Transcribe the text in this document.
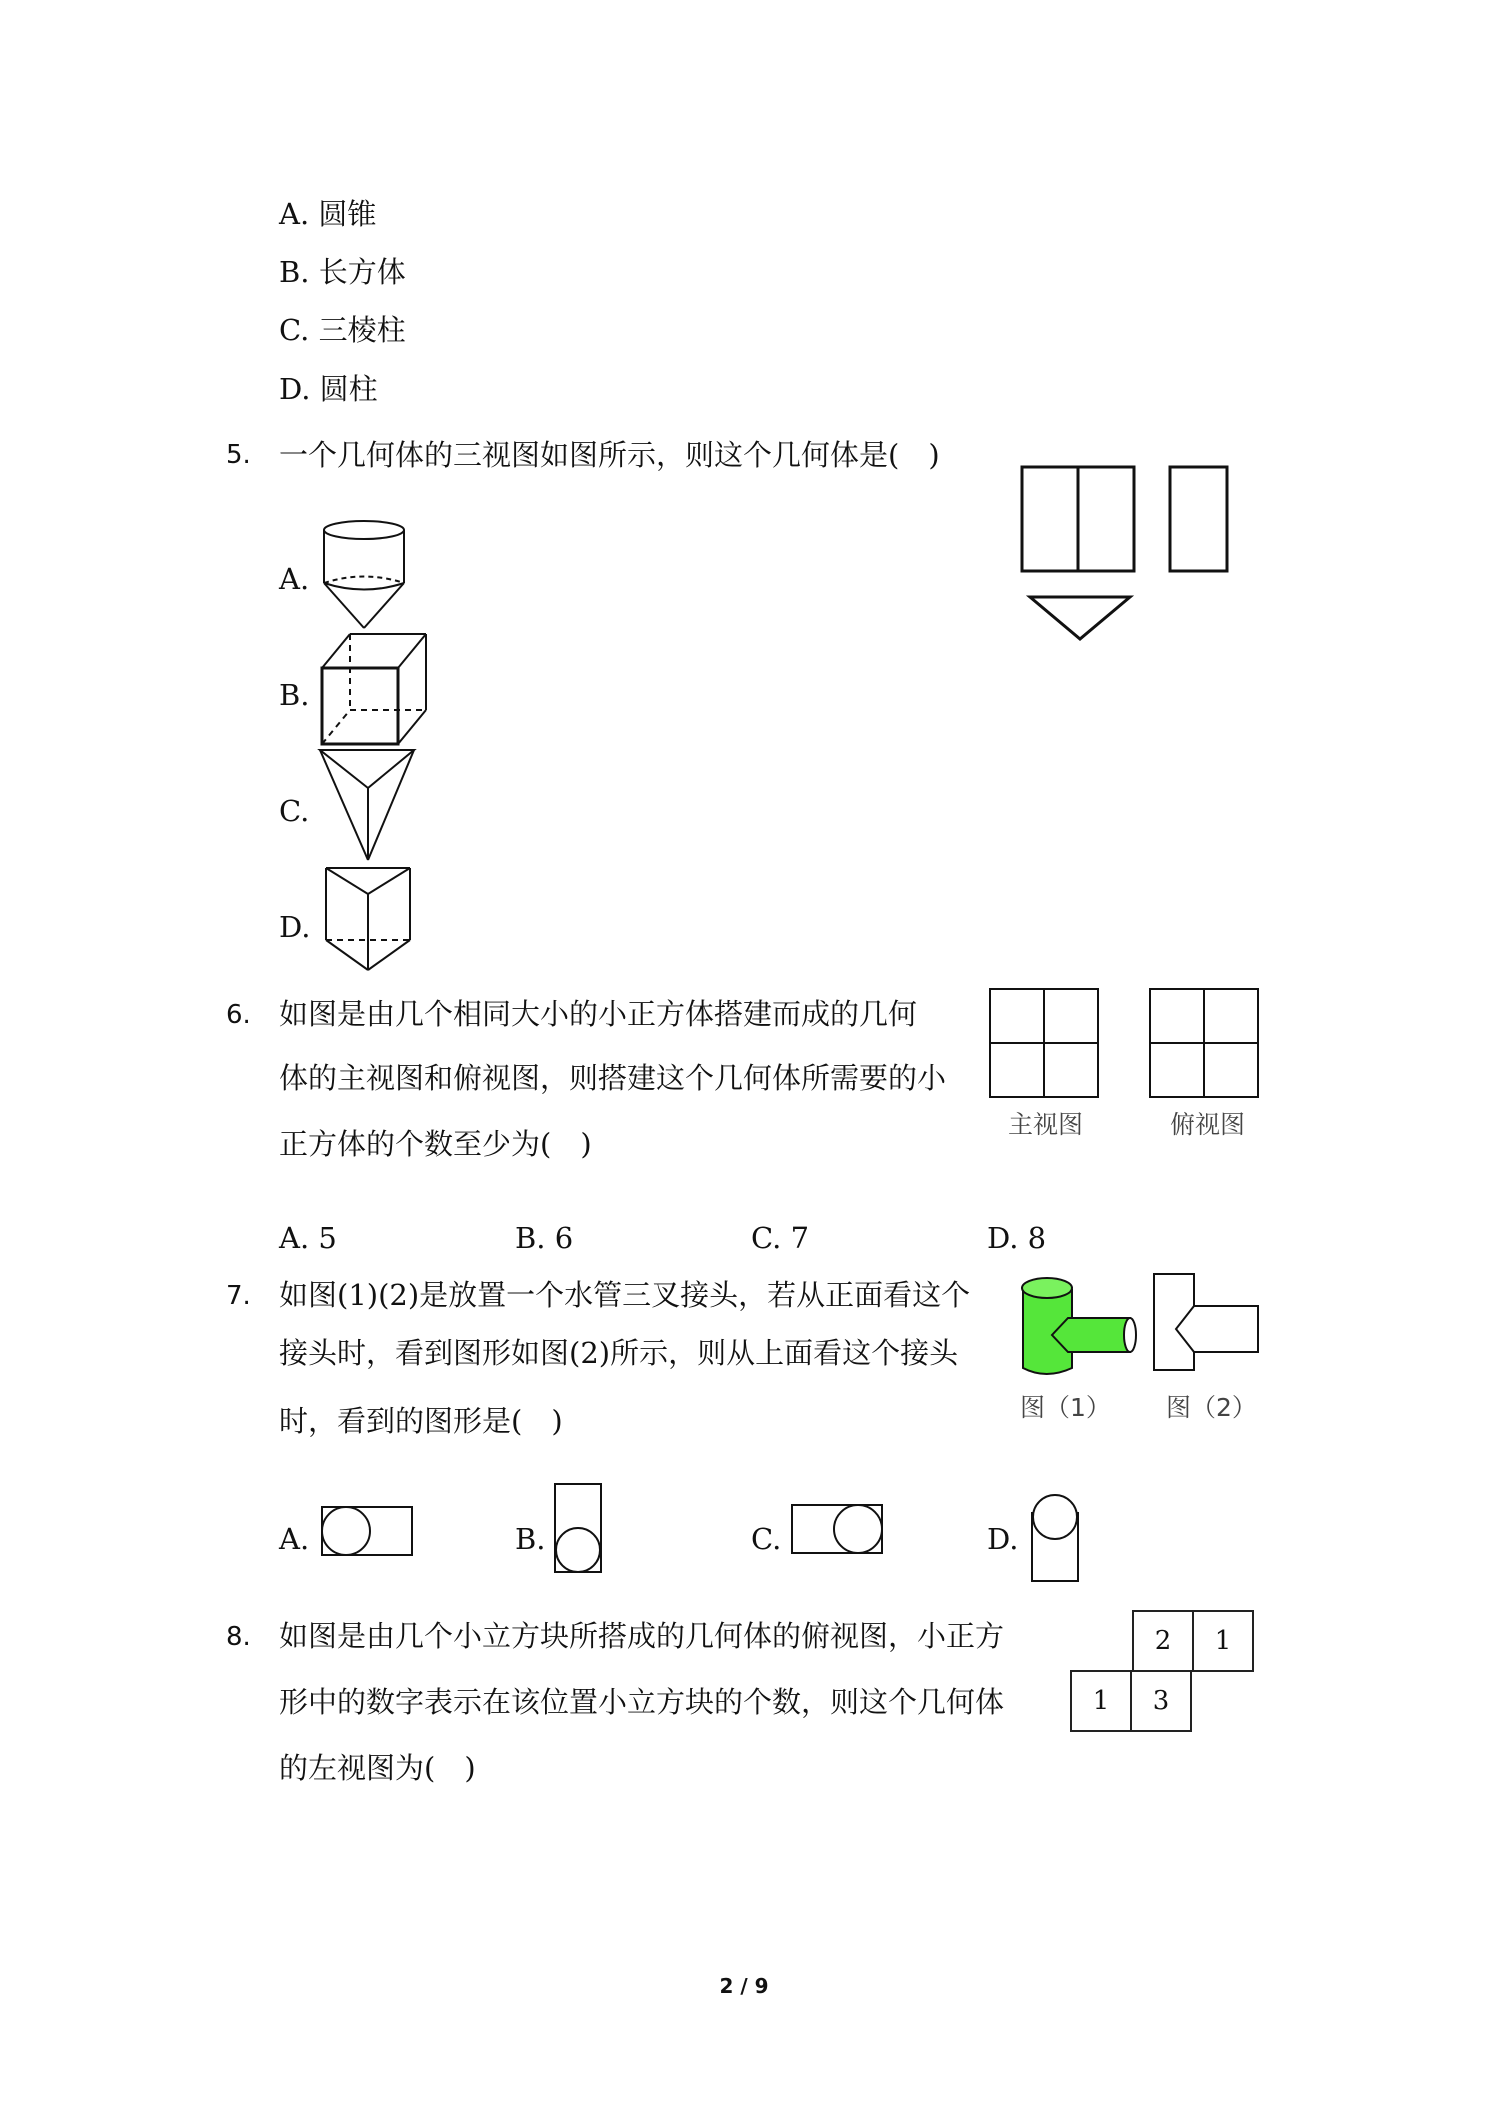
A. 圆锥
B. 长方体
C. 三棱柱
D. 圆柱
5. 一个几何体的三视图如图所示，则这个几何体是(　)
A.
B.
C.
D.
6. 如图是由几个相同大小的小正方体搭建而成的几何
体的主视图和俯视图，则搭建这个几何体所需要的小
正方体的个数至少为(　)
主视图	俯视图
A. 5	B. 6	C. 7	D. 8
7. 如图(1)(2)是放置一个水管三叉接头，若从正面看这个
接头时，看到图形如图(2)所示，则从上面看这个接头
时，看到的图形是(　)	图（1） 图（2）
A.	B.	C.	D.
8. 如图是由几个小立方块所搭成的几何体的俯视图，小正方
形中的数字表示在该位置小立方块的个数，则这个几何体
的左视图为(　)
2	1
1	3
2 / 9
